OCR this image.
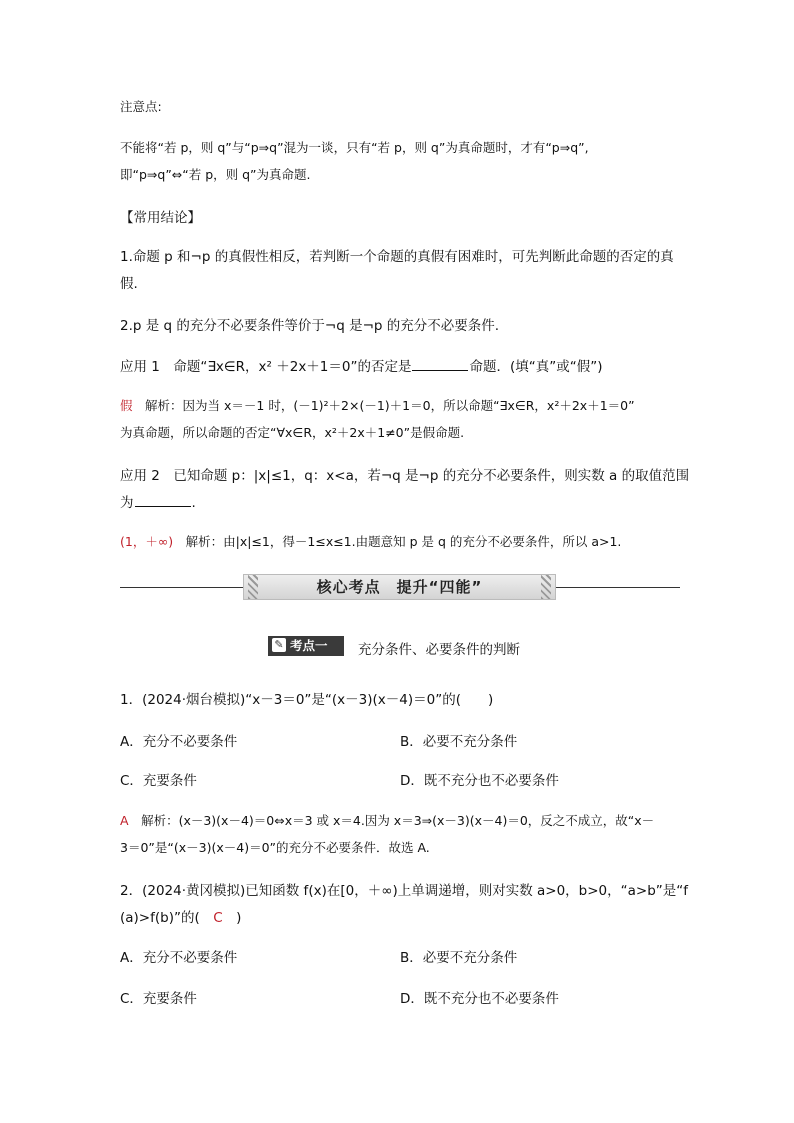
注意点:
不能将“若 p，则 q”与“p⇒q”混为一谈，只有“若 p，则 q”为真命题时，才有“p⇒q”,
即“p⇒q”⇔“若 p，则 q”为真命题.
【常用结论】
1.命题 p 和¬p 的真假性相反，若判断一个命题的真假有困难时，可先判断此命题的否定的真
假.
2.p 是 q 的充分不必要条件等价于¬q 是¬p 的充分不必要条件.
应用 1　命题“∃x∈R，x² ＋2x＋1＝0”的否定是	命题．(填“真”或“假”)
假　 解析：因为当 x＝－1 时，(－1)²＋2×(－1)＋1＝0，所以命题“∃x∈R，x²＋2x＋1＝0”
为真命题，所以命题的否定“∀x∈R，x²＋2x＋1≠0”是假命题.
应用 2　已知命题 p：|x|≤1，q：x<a，若¬q 是¬p 的充分不必要条件，则实数 a 的取值范围
为	.
(1，＋∞)　 解析：由|x|≤1，得－1≤x≤1.由题意知 p 是 q 的充分不必要条件，所以 a>1.
核心考点　提升“四能”
✎ 考点一	充分条件、必要条件的判断
1．(2024·烟台模拟)“x－3＝0”是“(x－3)(x－4)＝0”的(　　)
A．充分不必要条件	B．必要不充分条件
C．充要条件	D．既不充分也不必要条件
A　 解析：(x－3)(x－4)＝0⇔x＝3 或 x＝4.因为 x＝3⇒(x－3)(x－4)＝0，反之不成立，故“x－
3＝0”是“(x－3)(x－4)＝0”的充分不必要条件．故选 A.
2．(2024·黄冈模拟)已知函数 f(x)在[0，＋∞)上单调递增，则对实数 a>0，b>0，“a>b”是“f
(a)>f(b)”的(　 C　 )
A．充分不必要条件	B．必要不充分条件
C．充要条件	D．既不充分也不必要条件
